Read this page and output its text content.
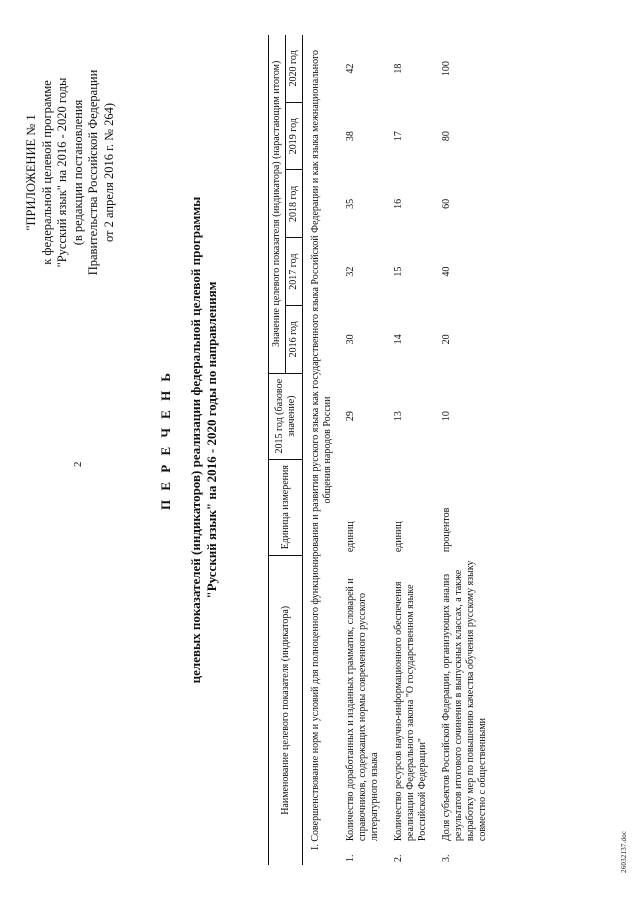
2
"ПРИЛОЖЕНИЕ № 1 к федеральной целевой программе "Русский язык" на 2016 - 2020 годы (в редакции постановления Правительства Российской Федерации от 2 апреля 2016 г. № 264)
П Е Р Е Ч Е Н Ь целевых показателей (индикаторов) реализации федеральной целевой программы "Русский язык" на 2016 - 2020 годы по направлениям
Наименование целевого показателя (индикатора)		Единица измерения	2015 год (базовое значение)	Значение целевого показателя (индикатора) (нарастающим итогом)				
				2016 год	2017 год	2018 год	2019 год	2020 год
I. Совершенствование норм и условий для полноценного функционирования и развития русского языка как государственного языка Российской Федерации и как языка межнационального общения народов России								
1.	Количество доработанных и изданных грамматик, словарей и справочников, содержащих нормы современного русского литературного языка	единиц	29	30	32	35	38	42
2.	Количество ресурсов научно-информационного обеспечения реализации Федерального закона "О государственном языке Российской Федерации"	единиц	13	14	15	16	17	18
3.	Доля субъектов Российской Федерации, организующих анализ результатов итогового сочинения в выпускных классах, а также выработку мер по повышению качества обучения русскому языку совместно с общественными	процентов	10	20	40	60	80	100
26032137.doc
